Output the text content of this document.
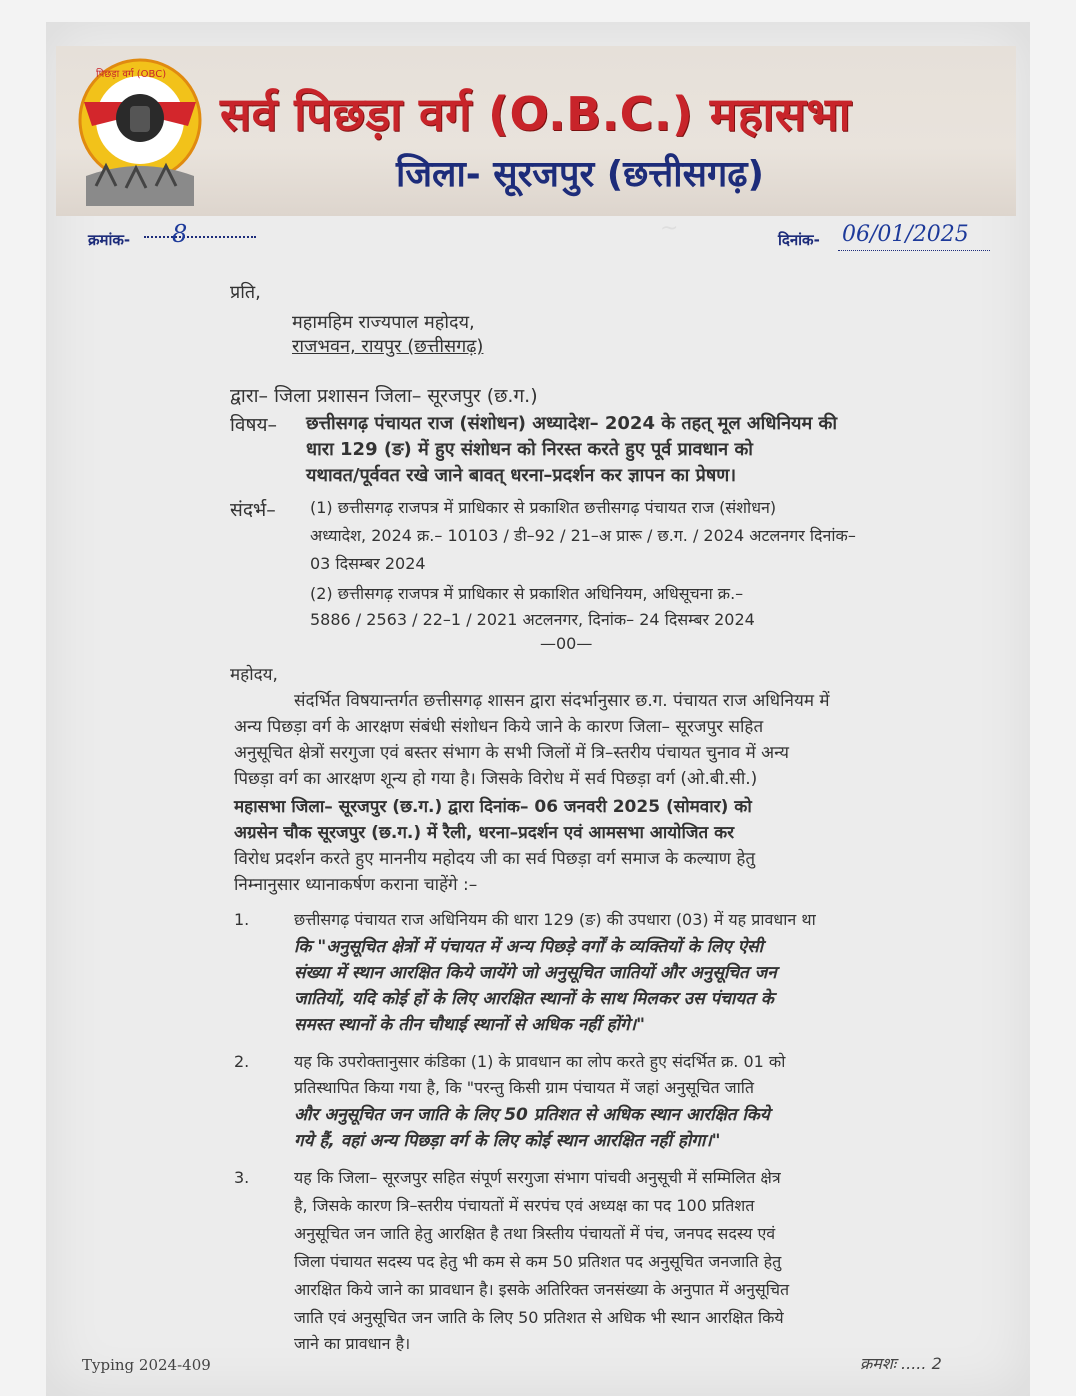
पिछड़ा वर्ग (OBC)
सर्व पिछड़ा वर्ग (O.B.C.) महासभा
जिला- सूरजपुर (छत्तीसगढ़)
~
क्रमांक- 8	दिनांक- 06/01/2025
प्रति,
महामहिम राज्यपाल महोदय,
राजभवन, रायपुर (छत्तीसगढ़)
द्वारा– जिला प्रशासन जिला– सूरजपुर (छ.ग.)
विषय– छत्तीसगढ़ पंचायत राज (संशोधन) अध्यादेश– 2024 के तहत् मूल अधिनियम की
धारा 129 (ङ) में हुए संशोधन को निरस्त करते हुए पूर्व प्रावधान को
यथावत/पूर्ववत रखे जाने बावत् धरना–प्रदर्शन कर ज्ञापन का प्रेषण।
संदर्भ– (1) छत्तीसगढ़ राजपत्र में प्राधिकार से प्रकाशित छत्तीसगढ़ पंचायत राज (संशोधन)
अध्यादेश, 2024 क्र.– 10103 / डी–92 / 21–अ प्रारू / छ.ग. / 2024 अटलनगर दिनांक–
03 दिसम्बर 2024
(2) छत्तीसगढ़ राजपत्र में प्राधिकार से प्रकाशित अधिनियम, अधिसूचना क्र.–
5886 / 2563 / 22–1 / 2021 अटलनगर, दिनांक– 24 दिसम्बर 2024
—00—
महोदय,
संदर्भित विषयान्तर्गत छत्तीसगढ़ शासन द्वारा संदर्भानुसार छ.ग. पंचायत राज अधिनियम में
अन्य पिछड़ा वर्ग के आरक्षण संबंधी संशोधन किये जाने के कारण जिला– सूरजपुर सहित
अनुसूचित क्षेत्रों सरगुजा एवं बस्तर संभाग के सभी जिलों में त्रि–स्तरीय पंचायत चुनाव में अन्य
पिछड़ा वर्ग का आरक्षण शून्य हो गया है। जिसके विरोध में सर्व पिछड़ा वर्ग (ओ.बी.सी.)
महासभा जिला– सूरजपुर (छ.ग.) द्वारा दिनांक– 06 जनवरी 2025 (सोमवार) को
अग्रसेन चौक सूरजपुर (छ.ग.) में रैली, धरना–प्रदर्शन एवं आमसभा आयोजित कर
विरोध प्रदर्शन करते हुए माननीय महोदय जी का सर्व पिछड़ा वर्ग समाज के कल्याण हेतु
निम्नानुसार ध्यानाकर्षण कराना चाहेंगे :–
1.	छत्तीसगढ़ पंचायत राज अधिनियम की धारा 129 (ङ) की उपधारा (03) में यह प्रावधान था
कि "अनुसूचित क्षेत्रों में पंचायत में अन्य पिछड़े वर्गों के व्यक्तियों के लिए ऐसी
संख्या में स्थान आरक्षित किये जायेंगे जो अनुसूचित जातियों और अनुसूचित जन
जातियों, यदि कोई हों के लिए आरक्षित स्थानों के साथ मिलकर उस पंचायत के
समस्त स्थानों के तीन चौथाई स्थानों से अधिक नहीं होंगे।"
2.	यह कि उपरोक्तानुसार कंडिका (1) के प्रावधान का लोप करते हुए संदर्भित क्र. 01 को
प्रतिस्थापित किया गया है, कि "परन्तु किसी ग्राम पंचायत में जहां अनुसूचित जाति
और अनुसूचित जन जाति के लिए 50 प्रतिशत से अधिक स्थान आरक्षित किये
गये हैं, वहां अन्य पिछड़ा वर्ग के लिए कोई स्थान आरक्षित नहीं होगा।"
3.	यह कि जिला– सूरजपुर सहित संपूर्ण सरगुजा संभाग पांचवी अनुसूची में सम्मिलित क्षेत्र
है, जिसके कारण त्रि–स्तरीय पंचायतों में सरपंच एवं अध्यक्ष का पद 100 प्रतिशत
अनुसूचित जन जाति हेतु आरक्षित है तथा त्रिस्तीय पंचायतों में पंच, जनपद सदस्य एवं
जिला पंचायत सदस्य पद हेतु भी कम से कम 50 प्रतिशत पद अनुसूचित जनजाति हेतु
आरक्षित किये जाने का प्रावधान है। इसके अतिरिक्त जनसंख्या के अनुपात में अनुसूचित
जाति एवं अनुसूचित जन जाति के लिए 50 प्रतिशत से अधिक भी स्थान आरक्षित किये
जाने का प्रावधान है।
Typing 2024-409	क्रमशः ..... 2
